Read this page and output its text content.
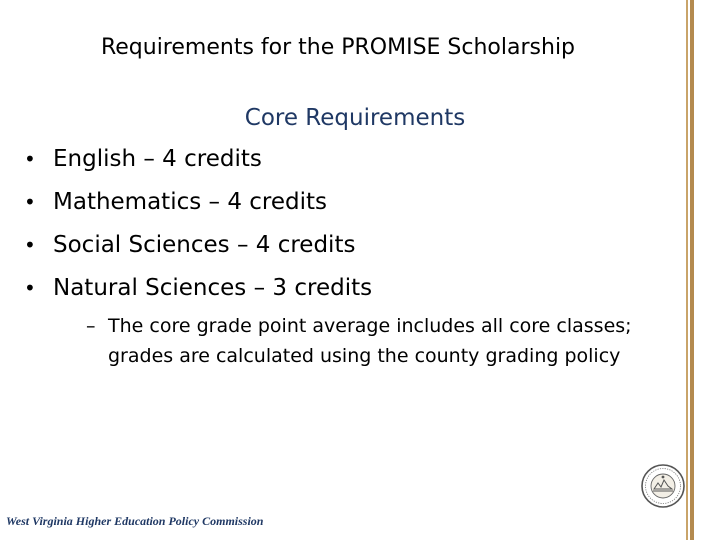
Requirements for the PROMISE Scholarship
Core Requirements
• English – 4 credits
• Mathematics – 4 credits
• Social Sciences – 4 credits
• Natural Sciences – 3 credits
– The core grade point average includes all core classes; grades are calculated using the county grading policy
West Virginia Higher Education Policy Commission
